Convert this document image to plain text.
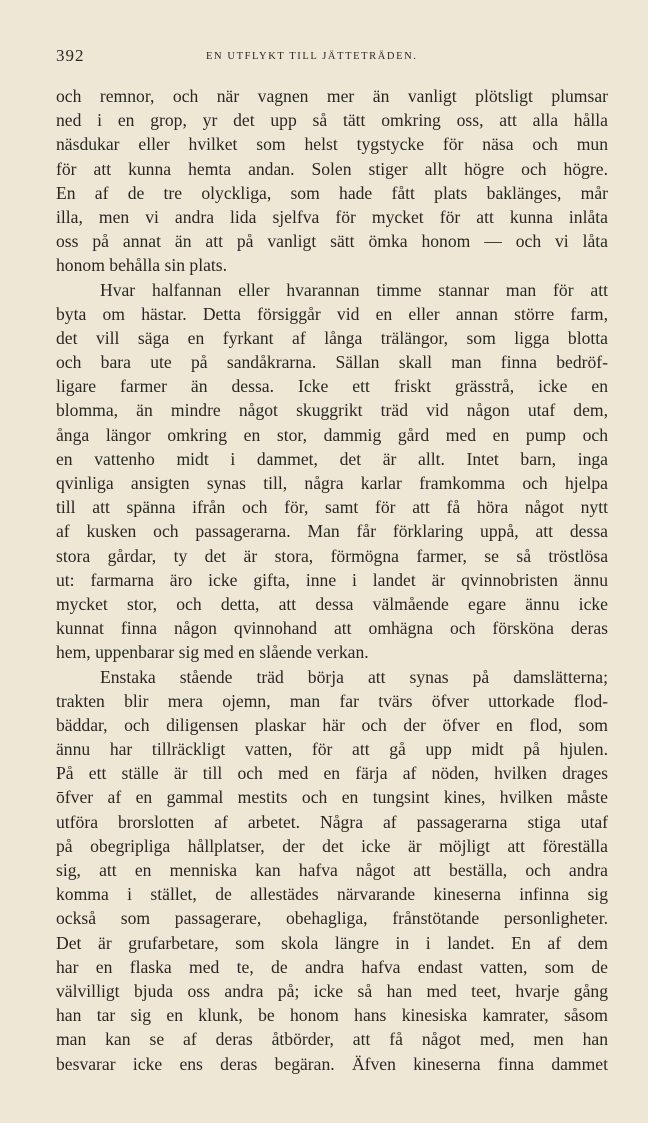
392	EN UTFLYKT TILL JÄTTETRÄDEN.
och remnor, och när vagnen mer än vanligt plötsligt plumsar
ned i en grop, yr det upp så tätt omkring oss, att alla hålla
näsdukar eller hvilket som helst tygstycke för näsa och mun
för att kunna hemta andan. Solen stiger allt högre och högre.
En af de tre olyckliga, som hade fått plats baklänges, mår
illa, men vi andra lida sjelfva för mycket för att kunna inlåta
oss på annat än att på vanligt sätt ömka honom — och vi låta
honom behålla sin plats.
Hvar halfannan eller hvarannan timme stannar man för att
byta om hästar. Detta försiggår vid en eller annan större farm,
det vill säga en fyrkant af långa trälängor, som ligga blotta
och bara ute på sandåkrarna. Sällan skall man finna bedröf-
ligare farmer än dessa. Icke ett friskt grässtrå, icke en
blomma, än mindre något skuggrikt träd vid någon utaf dem,
ånga längor omkring en stor, dammig gård med en pump och
en vattenho midt i dammet, det är allt. Intet barn, inga
qvinliga ansigten synas till, några karlar framkomma och hjelpa
till att spänna ifrån och för, samt för att få höra något nytt
af kusken och passagerarna. Man får förklaring uppå, att dessa
stora gårdar, ty det är stora, förmögna farmer, se så tröstlösa
ut: farmarna äro icke gifta, inne i landet är qvinnobristen ännu
mycket stor, och detta, att dessa välmående egare ännu icke
kunnat finna någon qvinnohand att omhägna och försköna deras
hem, uppenbarar sig med en slående verkan.
Enstaka stående träd börja att synas på damslätterna;
trakten blir mera ojemn, man far tvärs öfver uttorkade flod-
bäddar, och diligensen plaskar här och der öfver en flod, som
ännu har tillräckligt vatten, för att gå upp midt på hjulen.
På ett ställe är till och med en färja af nöden, hvilken drages
ōfver af en gammal mestits och en tungsint kines, hvilken måste
utföra brorslotten af arbetet. Några af passagerarna stiga utaf
på obegripliga hållplatser, der det icke är möjligt att föreställa
sig, att en menniska kan hafva något att beställa, och andra
komma i stället, de allestädes närvarande kineserna infinna sig
också som passagerare, obehagliga, frånstötande personligheter.
Det är grufarbetare, som skola längre in i landet. En af dem
har en flaska med te, de andra hafva endast vatten, som de
välvilligt bjuda oss andra på; icke så han med teet, hvarje gång
han tar sig en klunk, be honom hans kinesiska kamrater, såsom
man kan se af deras åtbörder, att få något med, men han
besvarar icke ens deras begäran. Äfven kineserna finna dammet
